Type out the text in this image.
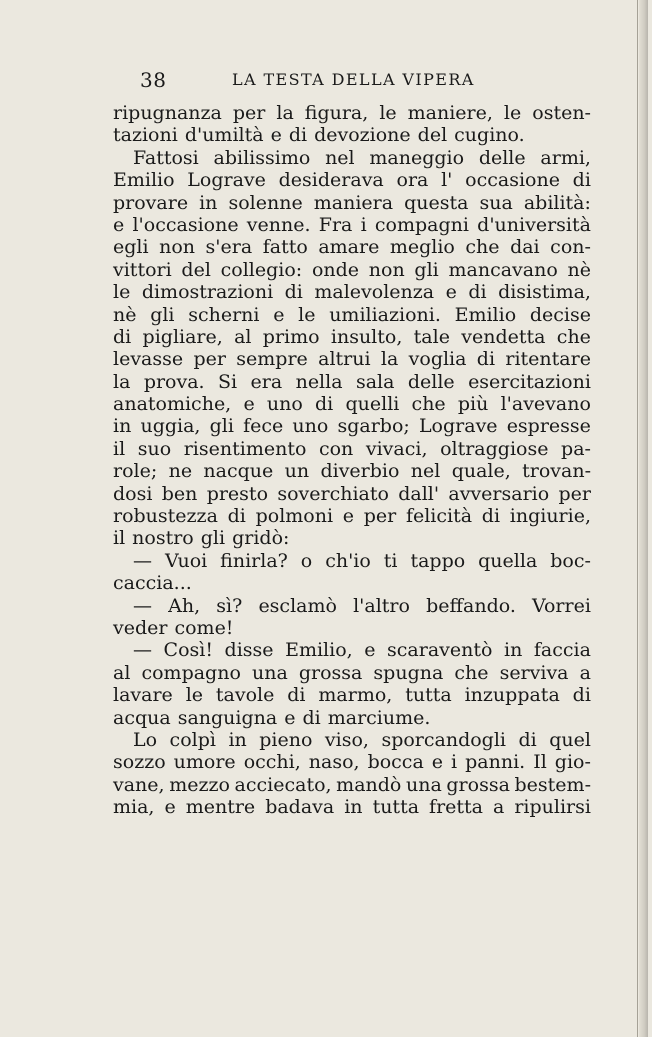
38	LA TESTA DELLA VIPERA
ripugnanza per la figura, le maniere, le osten-
tazioni d'umiltà e di devozione del cugino.
Fattosi abilissimo nel maneggio delle armi,
Emilio Lograve desiderava ora l' occasione di
provare in solenne maniera questa sua abilità:
e l'occasione venne. Fra i compagni d'università
egli non s'era fatto amare meglio che dai con-
vittori del collegio: onde non gli mancavano nè
le dimostrazioni di malevolenza e di disistima,
nè gli scherni e le umiliazioni. Emilio decise
di pigliare, al primo insulto, tale vendetta che
levasse per sempre altrui la voglia di ritentare
la prova. Si era nella sala delle esercitazioni
anatomiche, e uno di quelli che più l'avevano
in uggia, gli fece uno sgarbo; Lograve espresse
il suo risentimento con vivaci, oltraggiose pa-
role; ne nacque un diverbio nel quale, trovan-
dosi ben presto soverchiato dall' avversario per
robustezza di polmoni e per felicità di ingiurie,
il nostro gli gridò:
— Vuoi finirla? o ch'io ti tappo quella boc-
caccia...
— Ah, sì? esclamò l'altro beffando. Vorrei
veder come!
— Così! disse Emilio, e scaraventò in faccia
al compagno una grossa spugna che serviva a
lavare le tavole di marmo, tutta inzuppata di
acqua sanguigna e di marciume.
Lo colpì in pieno viso, sporcandogli di quel
sozzo umore occhi, naso, bocca e i panni. Il gio-
vane, mezzo acciecato, mandò una grossa bestem-
mia, e mentre badava in tutta fretta a ripulirsi
